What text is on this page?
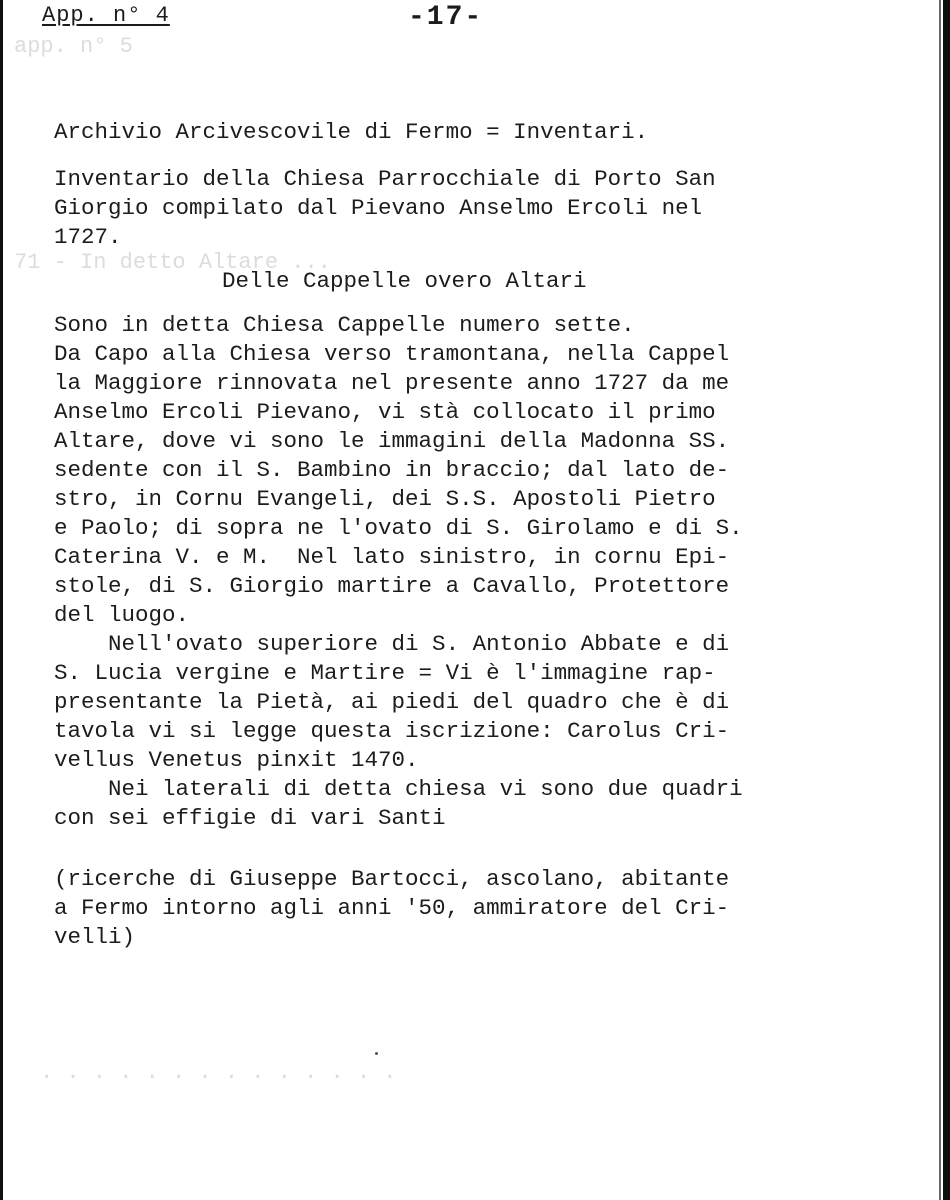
app. n° 5
71 - In detto Altare ...
. . . . . . . . . . . . . .
App. n° 4	-17-
Archivio Arcivescovile di Fermo = Inventari.
Inventario della Chiesa Parrocchiale di Porto San
Giorgio compilato dal Pievano Anselmo Ercoli nel
1727.
Delle Cappelle overo Altari
Sono in detta Chiesa Cappelle numero sette.
Da Capo alla Chiesa verso tramontana, nella Cappel
la Maggiore rinnovata nel presente anno 1727 da me
Anselmo Ercoli Pievano, vi stà collocato il primo
Altare, dove vi sono le immagini della Madonna SS.
sedente con il S. Bambino in braccio; dal lato de-
stro, in Cornu Evangeli, dei S.S. Apostoli Pietro
e Paolo; di sopra ne l'ovato di S. Girolamo e di S.
Caterina V. e M.  Nel lato sinistro, in cornu Epi-
stole, di S. Giorgio martire a Cavallo, Protettore
del luogo.
Nell'ovato superiore di S. Antonio Abbate e di
S. Lucia vergine e Martire = Vi è l'immagine rap-
presentante la Pietà, ai piedi del quadro che è di
tavola vi si legge questa iscrizione: Carolus Cri-
vellus Venetus pinxit 1470.
Nei laterali di detta chiesa vi sono due quadri
con sei effigie di vari Santi
(ricerche di Giuseppe Bartocci, ascolano, abitante
a Fermo intorno agli anni '50, ammiratore del Cri-
velli)
